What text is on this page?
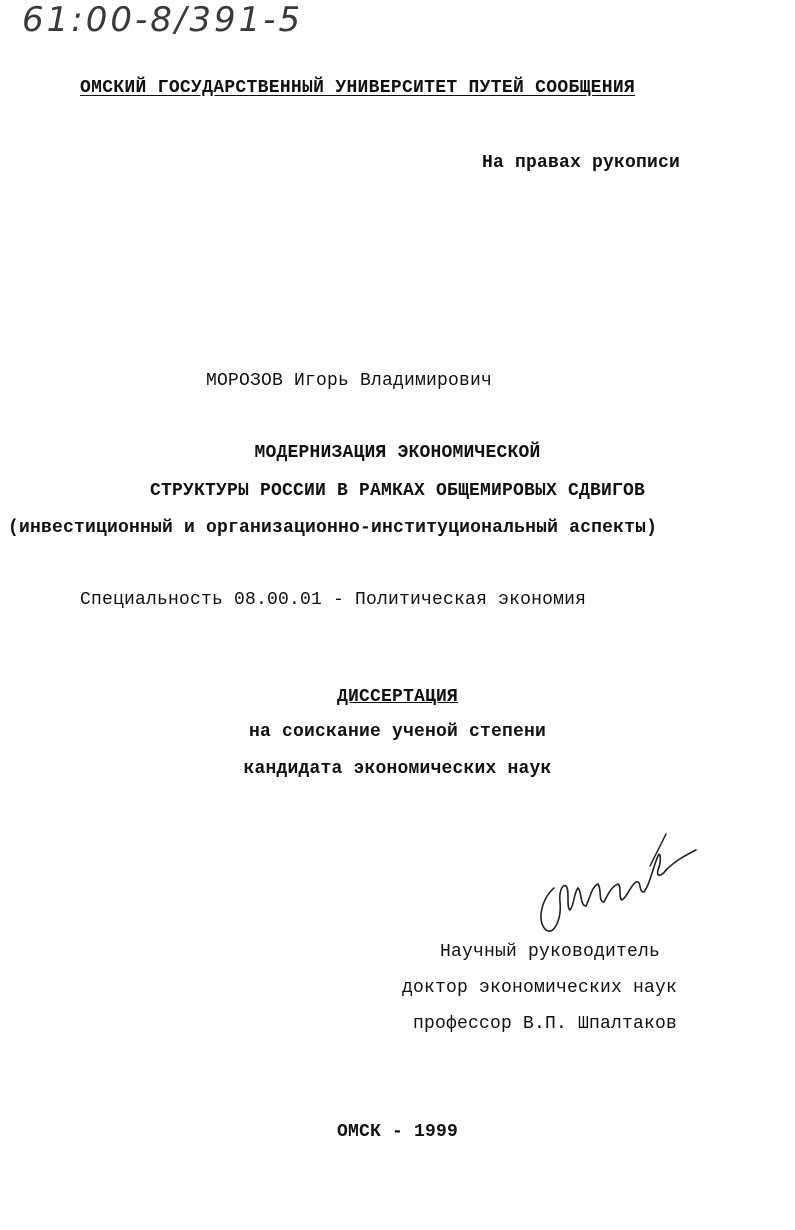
61:00-8/391-5
ОМСКИЙ ГОСУДАРСТВЕННЫЙ УНИВЕРСИТЕТ ПУТЕЙ СООБЩЕНИЯ
На правах рукописи
МОРОЗОВ Игорь Владимирович
МОДЕРНИЗАЦИЯ ЭКОНОМИЧЕСКОЙ
СТРУКТУРЫ РОССИИ В РАМКАХ ОБЩЕМИРОВЫХ СДВИГОВ
(инвестиционный и организационно-институциональный аспекты)
Специальность 08.00.01 - Политическая экономия
ДИССЕРТАЦИЯ
на соискание ученой степени
кандидата экономических наук
Научный руководитель
доктор экономических наук
профессор В.П. Шпалтаков
ОМСК - 1999
